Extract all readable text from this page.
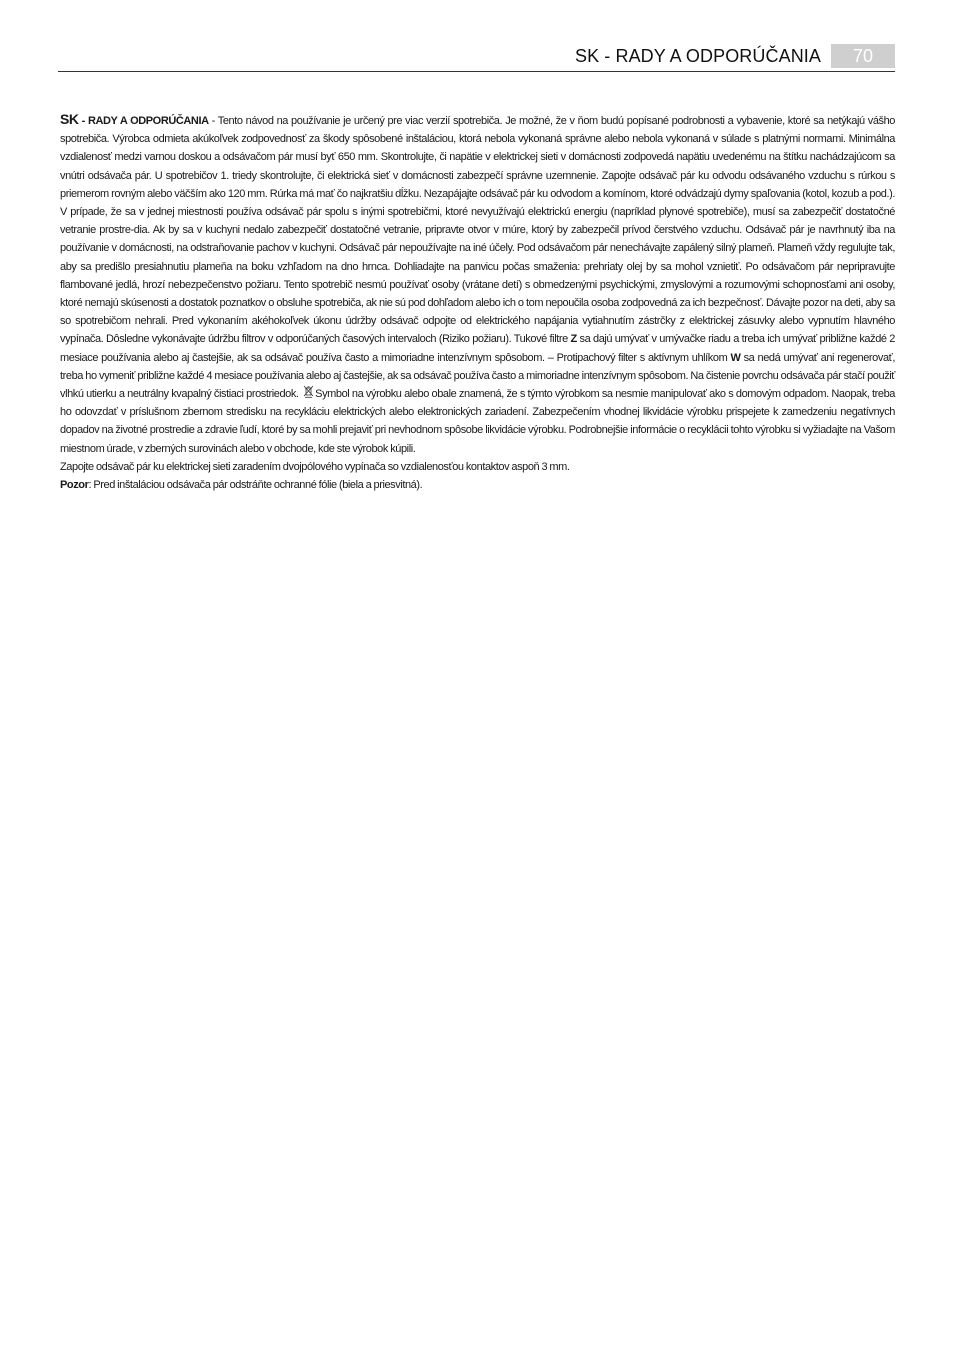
SK - RADY A ODPORÚČANIA	70

SK - RADY A ODPORÚČANIA - Tento návod na používanie je určený pre viac verzií spotrebiča. Je možné, že v ňom budú popísané podrobnosti a vybavenie, ktoré sa netýkajú vášho spotrebiča. Výrobca odmieta akúkoľvek zodpovednosť za škody spôsobené inštaláciou, ktorá nebola vykonaná správne alebo nebola vykonaná v súlade s platnými normami. Minimálna vzdialenosť medzi varnou doskou a odsávačom pár musí byť 650 mm. Skontrolujte, či napätie v elektrickej sieti v domácnosti zodpovedá napätiu uvedenému na štítku nachádzajúcom sa vnútri odsávača pár. U spotrebičov 1. triedy skontrolujte, či elektrická sieť v domácnosti zabezpečí správne uzemnenie. Zapojte odsávač pár ku odvodu odsávaného vzduchu s rúrkou s priemerom rovným alebo väčším ako 120 mm. Rúrka má mať čo najkratšiu dĺžku. Nezapájajte odsávač pár ku odvodom a komínom, ktoré odvádzajú dymy spaľovania (kotol, kozub a pod.). V prípade, že sa v jednej miestnosti používa odsávač pár spolu s inými spotrebičmi, ktoré nevyužívajú elektrickú energiu (napríklad plynové spotrebiče), musí sa zabezpečiť dostatočné vetranie prostre-dia. Ak by sa v kuchyni nedalo zabezpečiť dostatočné vetranie, pripravte otvor v múre, ktorý by zabezpečil prívod čerstvého vzduchu. Odsávač pár je navrhnutý iba na používanie v domácnosti, na odstraňovanie pachov v kuchyni. Odsávač pár nepoužívajte na iné účely. Pod odsávačom pár nenechávajte zapálený silný plameň. Plameň vždy regulujte tak, aby sa predišlo presiahnutiu plameňa na boku vzhľadom na dno hrnca. Dohliadajte na panvicu počas smaženia: prehriaty olej by sa mohol vznietiť. Po odsávačom pár nepripravujte flambované jedlá, hrozí nebezpečenstvo požiaru. Tento spotrebič nesmú používať osoby (vrátane detí) s obmedzenými psychickými, zmyslovými a rozumovými schopnosťami ani osoby, ktoré nemajú skúsenosti a dostatok poznatkov o obsluhe spotrebiča, ak nie sú pod dohľadom alebo ich o tom nepoučila osoba zodpovedná za ich bezpečnosť. Dávajte pozor na deti, aby sa so spotrebičom nehrali. Pred vykonaním akéhokoľvek úkonu údržby odsávač odpojte od elektrického napájania vytiahnutím zástrčky z elektrickej zásuvky alebo vypnutím hlavného vypínača. Dôsledne vykonávajte údržbu filtrov v odporúčaných časových intervaloch (Riziko požiaru). Tukové filtre Z sa dajú umývať v umývačke riadu a treba ich umývať približne každé 2 mesiace používania alebo aj častejšie, ak sa odsávač používa často a mimoriadne intenzívnym spôsobom. – Protipachový filter s aktívnym uhlíkom W sa nedá umývať ani regenerovať, treba ho vymeniť približne každé 4 mesiace používania alebo aj častejšie, ak sa odsávač používa často a mimoriadne intenzívnym spôsobom. Na čistenie povrchu odsávača pár stačí použiť vlhkú utierku a neutrálny kvapalný čistiaci prostriedok. Symbol na výrobku alebo obale znamená, že s týmto výrobkom sa nesmie manipulovať ako s domovým odpadom. Naopak, treba ho odovzdať v príslušnom zbernom stredisku na recykláciu elektrických alebo elektronických zariadení. Zabezpečením vhodnej likvidácie výrobku prispejete k zamedzeniu negatívnych dopadov na životné prostredie a zdravie ľudí, ktoré by sa mohli prejaviť pri nevhodnom spôsobe likvidácie výrobku. Podrobnejšie informácie o recyklácii tohto výrobku si vyžiadajte na Vašom miestnom úrade, v zberných surovinách alebo v obchode, kde ste výrobok kúpili.

Zapojte odsávač pár ku elektrickej sieti zaradením dvojpólového vypínača so vzdialenosťou kontaktov aspoň 3 mm.

Pozor: Pred inštaláciou odsávača pár odstráňte ochranné fólie (biela a priesvitná).
